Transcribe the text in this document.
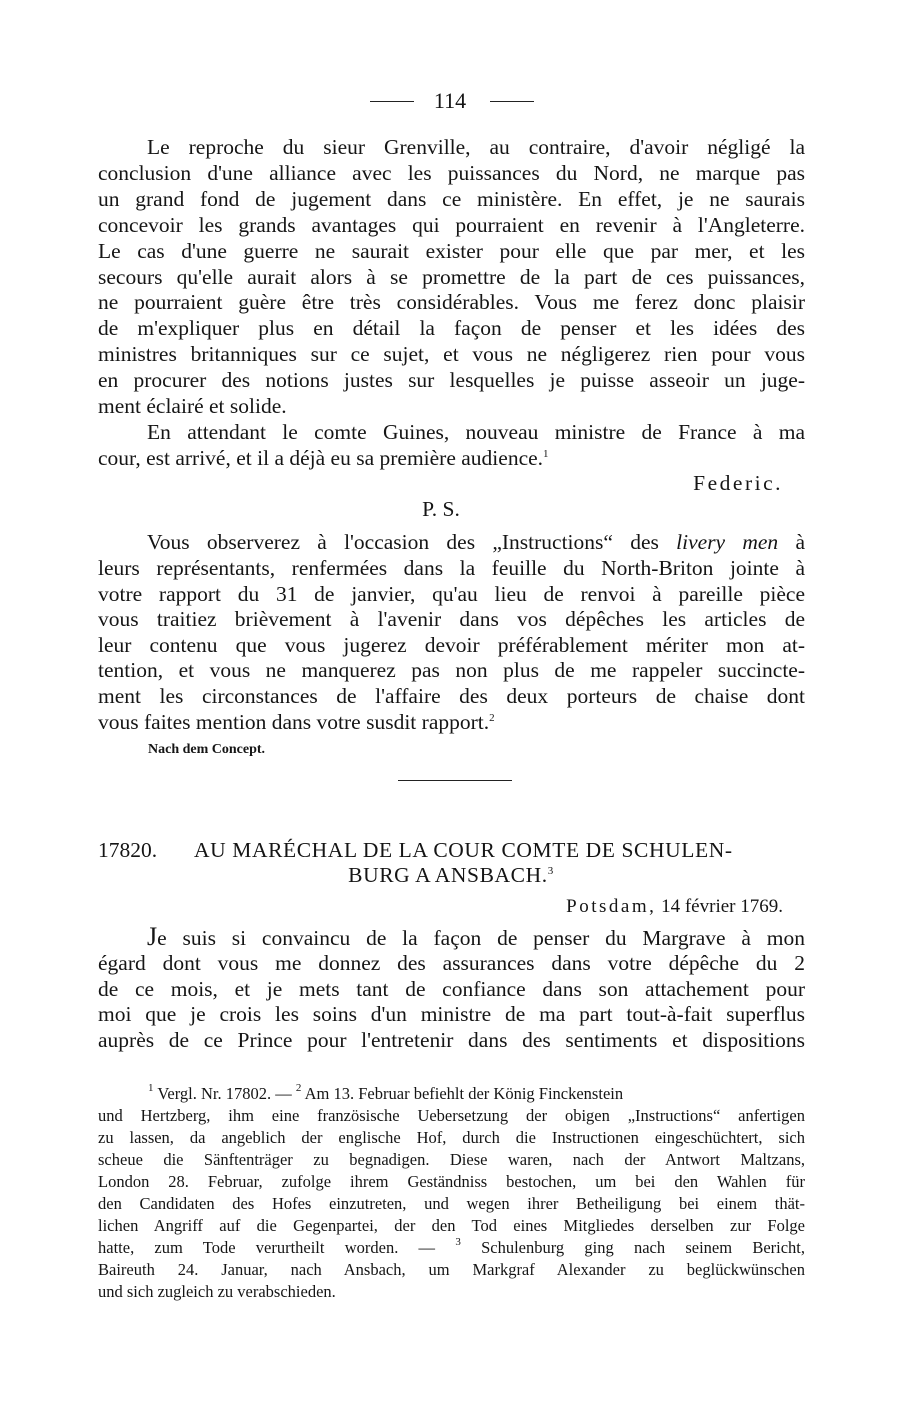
114
Le reproche du sieur Grenville, au contraire, d'avoir négligé la
conclusion d'une alliance avec les puissances du Nord, ne marque pas
un grand fond de jugement dans ce ministère. En effet, je ne saurais
concevoir les grands avantages qui pourraient en revenir à l'Angleterre.
Le cas d'une guerre ne saurait exister pour elle que par mer, et les
secours qu'elle aurait alors à se promettre de la part de ces puissances,
ne pourraient guère être très considérables. Vous me ferez donc plaisir
de m'expliquer plus en détail la façon de penser et les idées des
ministres britanniques sur ce sujet, et vous ne négligerez rien pour vous
en procurer des notions justes sur lesquelles je puisse asseoir un juge-
ment éclairé et solide.
En attendant le comte Guines, nouveau ministre de France à ma
cour, est arrivé, et il a déjà eu sa première audience.$^1$
Federic.
P. S.
Vous observerez à l'occasion des „Instructions“ des livery men à
leurs représentants, renfermées dans la feuille du North-Briton jointe à
votre rapport du 31 de janvier, qu'au lieu de renvoi à pareille pièce
vous traitiez brièvement à l'avenir dans vos dépêches les articles de
leur contenu que vous jugerez devoir préférablement mériter mon at-
tention, et vous ne manquerez pas non plus de me rappeler succincte-
ment les circonstances de l'affaire des deux porteurs de chaise dont
vous faites mention dans votre susdit rapport.$^2$
Nach dem Concept.
17820. AU MARÉCHAL DE LA COUR COMTE DE SCHULEN-
BURG A ANSBACH.$^3$
Potsdam, 14 février 1769.
Je suis si convaincu de la façon de penser du Margrave à mon
égard dont vous me donnez des assurances dans votre dépêche du 2
de ce mois, et je mets tant de confiance dans son attachement pour
moi que je crois les soins d'un ministre de ma part tout-à-fait superflus
auprès de ce Prince pour l'entretenir dans des sentiments et dispositions
$^1$ Vergl. Nr. 17802. — $^2$ Am 13. Februar befiehlt der König Finckenstein
und Hertzberg, ihm eine französische Uebersetzung der obigen „Instructions“ anfertigen
zu lassen, da angeblich der englische Hof, durch die Instructionen eingeschüchtert, sich
scheue die Sänftenträger zu begnadigen. Diese waren, nach der Antwort Maltzans,
London 28. Februar, zufolge ihrem Geständniss bestochen, um bei den Wahlen für
den Candidaten des Hofes einzutreten, und wegen ihrer Betheiligung bei einem thät-
lichen Angriff auf die Gegenpartei, der den Tod eines Mitgliedes derselben zur Folge
hatte, zum Tode verurtheilt worden. — $^3$ Schulenburg ging nach seinem Bericht,
Baireuth 24. Januar, nach Ansbach, um Markgraf Alexander zu beglückwünschen
und sich zugleich zu verabschieden.
